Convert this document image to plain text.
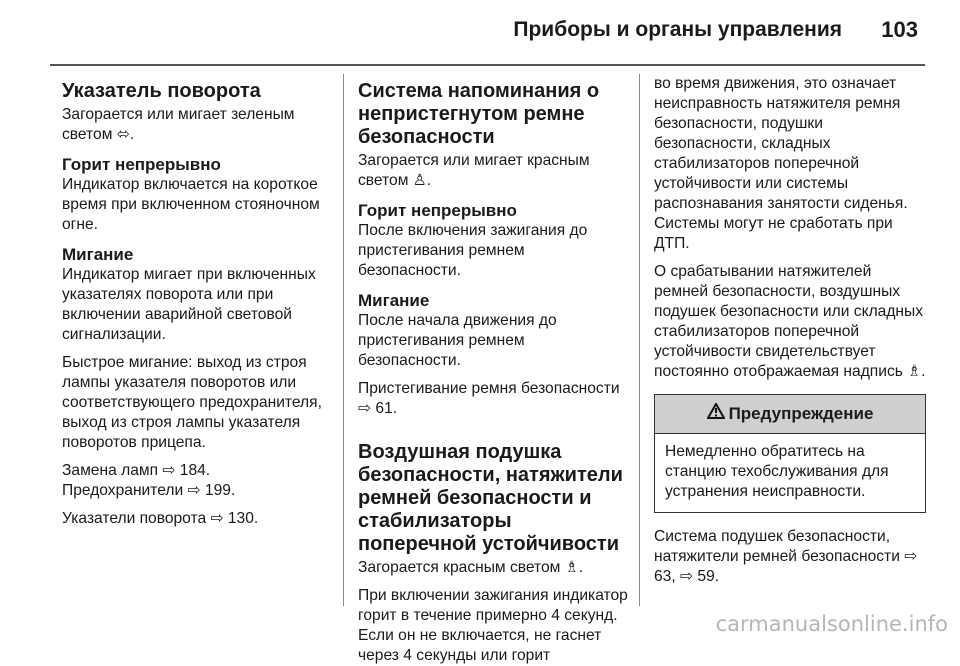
Приборы и органы управления 103
Указатель поворота

Загорается или мигает зеленым светом ⬄.

Горит непрерывно

Индикатор включается на короткое время при включенном стояночном огне.

Мигание

Индикатор мигает при включенных указателях поворота или при включении аварийной световой сигнализации.

Быстрое мигание: выход из строя лампы указателя поворотов или соответствующего предохранителя, выход из строя лампы указателя поворотов прицепа.

Замена ламп ⇨ 184. Предохранители ⇨ 199.

Указатели поворота ⇨ 130.

Система напоминания о непристегнутом ремне безопасности

Загорается или мигает красным светом ♙.

Горит непрерывно

После включения зажигания до пристегивания ремнем безопасности.

Мигание

После начала движения до пристегивания ремнем безопасности.

Пристегивание ремня безопасности ⇨ 61.

Воздушная подушка безопасности, натяжители ремней безопасности и стабилизаторы поперечной устойчивости

Загорается красным светом ♗.

При включении зажигания индикатор горит в течение примерно 4 секунд. Если он не включается, не гаснет через 4 секунды или горит

во время движения, это означает неисправность натяжителя ремня безопасности, подушки безопасности, складных стабилизаторов поперечной устойчивости или системы распознавания занятости сиденья. Системы могут не сработать при ДТП.

О срабатывании натяжителей ремней безопасности, воздушных подушек безопасности или складных стабилизаторов поперечной устойчивости свидетельствует постоянно отображаемая надпись ♗.

Предупреждение
Немедленно обратитесь на станцию техобслуживания для устранения неисправности.

Система подушек безопасности, натяжители ремней безопасности ⇨ 63, ⇨ 59.

carmanualsonline.info
